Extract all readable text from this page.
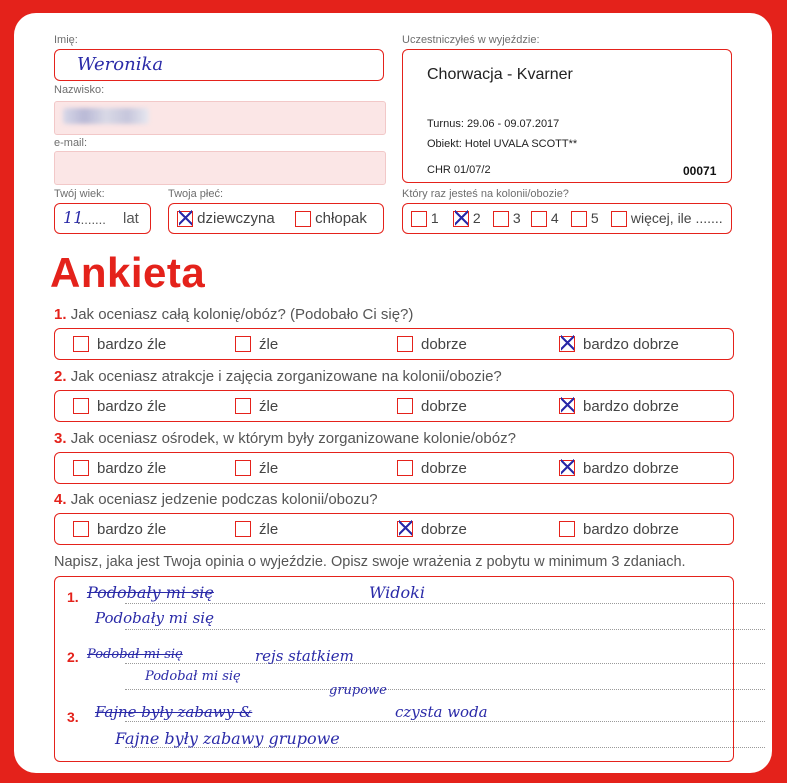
Imię:
Weronika
Nazwisko:
e-mail:
Twój wiek:
11
........ lat
Twoja płeć:
dziewczyna	chłopak
Uczestniczyłeś w wyjeździe:
Chorwacja - Kvarner
Turnus: 29.06 - 09.07.2017
Obiekt: Hotel UVALA SCOTT**
CHR 01/07/2	00071
Który raz jesteś na kolonii/obozie?
1	2	3	4	5	więcej, ile .......
Ankieta
1. Jak oceniasz całą kolonię/obóz? (Podobało Ci się?)
bardzo źle	źle	dobrze	bardzo dobrze
2. Jak oceniasz atrakcje i zajęcia zorganizowane na kolonii/obozie?
bardzo źle	źle	dobrze	bardzo dobrze
3. Jak oceniasz ośrodek, w którym były zorganizowane kolonie/obóz?
bardzo źle	źle	dobrze	bardzo dobrze
4. Jak oceniasz jedzenie podczas kolonii/obozu?
bardzo źle	źle	dobrze	bardzo dobrze
Napisz, jaka jest Twoja opinia o wyjeździe. Opisz swoje wrażenia z pobytu w minimum 3 zdaniach.
1. Podobały mi się	Widoki
Podobały mi się
2. Podobał mi się	rejs statkiem
Podobał mi się
3.
grupowe
Fajne były zabawy &	czysta woda
Fajne były zabawy grupowe
